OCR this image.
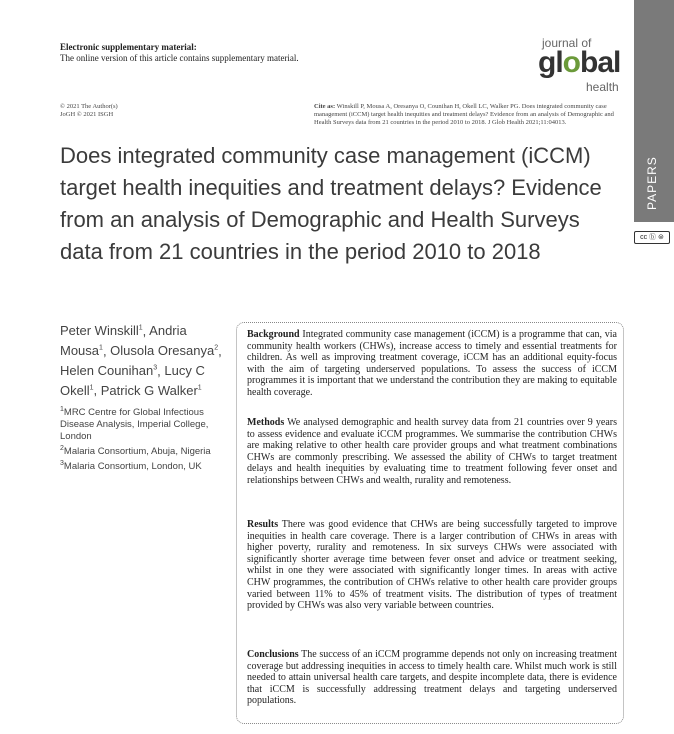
Electronic supplementary material:
The online version of this article contains supplementary material.
journal of
global
health
PAPERS
cc ⓑ ⊜
© 2021 The Author(s)
JoGH © 2021 ISGH
Cite as: Winskill P, Mousa A, Oresanya O, Counihan H, Okell LC, Walker PG. Does integrated community case management (iCCM) target health inequities and treatment delays? Evidence from an analysis of Demographic and Health Surveys data from 21 countries in the period 2010 to 2018. J Glob Health 2021;11:04013.
Does integrated community case management (iCCM) target health inequities and treatment delays? Evidence from an analysis of Demographic and Health Surveys data from 21 countries in the period 2010 to 2018
Peter Winskill$^1$, Andria Mousa$^1$, Olusola Oresanya$^2$, Helen Counihan$^3$, Lucy C Okell$^1$, Patrick G Walker$^1$
$^1$MRC Centre for Global Infectious Disease Analysis, Imperial College, London
$^2$Malaria Consortium, Abuja, Nigeria
$^3$Malaria Consortium, London, UK

Background Integrated community case management (iCCM) is a programme that can, via community health workers (CHWs), increase access to timely and essential treatments for children. As well as improving treatment coverage, iCCM has an additional equity-focus with the aim of targeting underserved populations. To assess the success of iCCM programmes it is important that we understand the contribution they are making to equitable health coverage.

Methods We analysed demographic and health survey data from 21 countries over 9 years to assess evidence and evaluate iCCM programmes. We summarise the contribution CHWs are making relative to other health care provider groups and what treatment combinations CHWs are commonly prescribing. We assessed the ability of CHWs to target treatment delays and health inequities by evaluating time to treatment following fever onset and relationships between CHWs and wealth, rurality and remoteness.

Results There was good evidence that CHWs are being successfully targeted to improve inequities in health care coverage. There is a larger contribution of CHWs in areas with higher poverty, rurality and remoteness. In six surveys CHWs were associated with significantly shorter average time between fever onset and advice or treatment seeking, whilst in one they were associated with significantly longer times. In areas with active CHW programmes, the contribution of CHWs relative to other health care provider groups varied between 11% to 45% of treatment visits. The distribution of types of treatment provided by CHWs was also very variable between countries.

Conclusions The success of an iCCM programme depends not only on increasing treatment coverage but addressing inequities in access to timely health care. Whilst much work is still needed to attain universal health care targets, and despite incomplete data, there is evidence that iCCM is successfully addressing treatment delays and targeting underserved populations.
